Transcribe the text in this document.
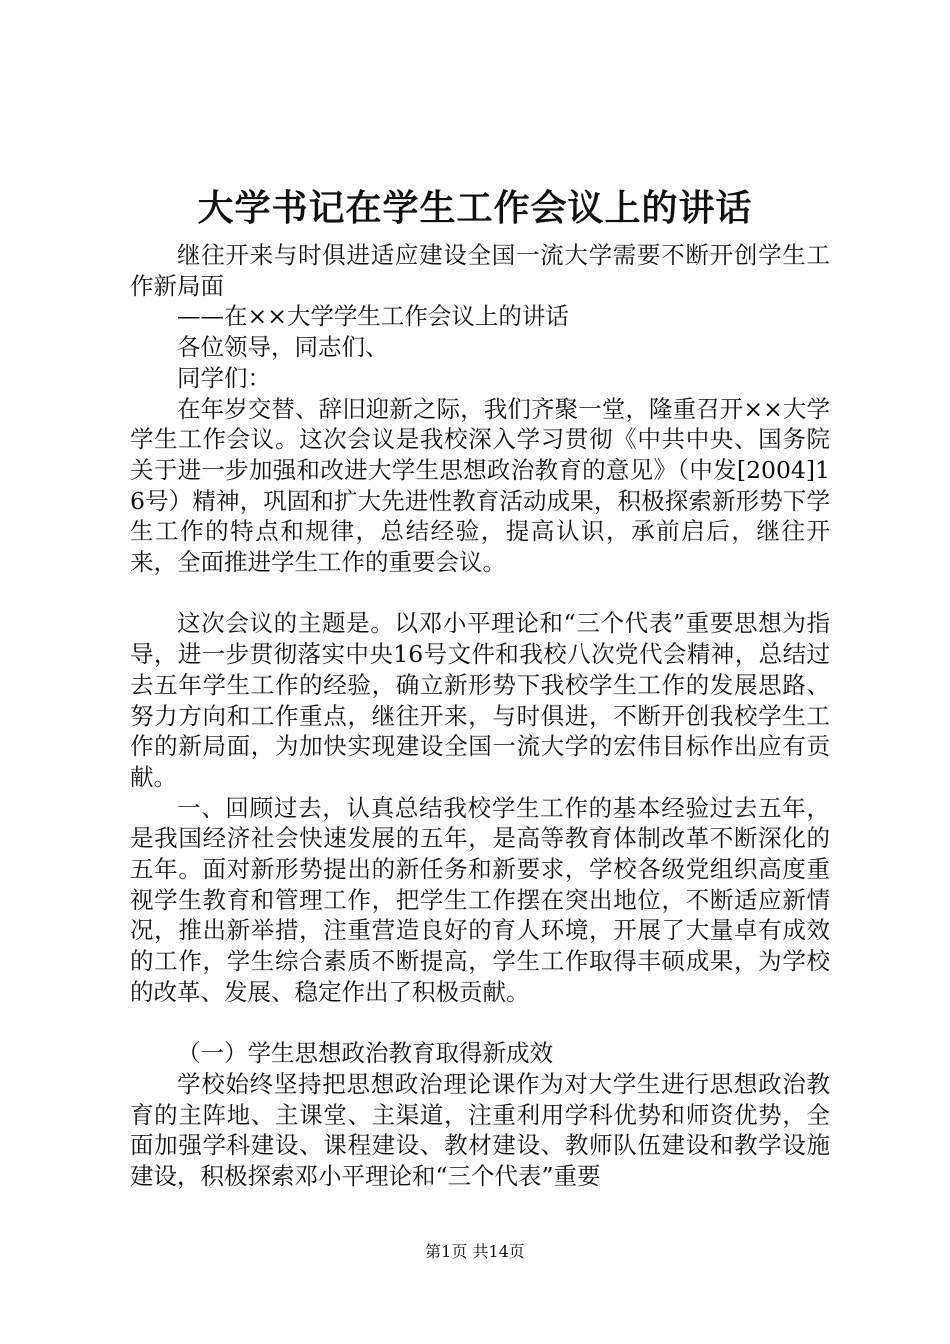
大学书记在学生工作会议上的讲话

继往开来与时俱进适应建设全国一流大学需要不断开创学生工作新局面

——在××大学学生工作会议上的讲话

各位领导，同志们、

同学们：

在年岁交替、辞旧迎新之际，我们齐聚一堂，隆重召开××大学学生工作会议。这次会议是我校深入学习贯彻《中共中央、国务院关于进一步加强和改进大学生思想政治教育的意见》（中发[2004]16号）精神，巩固和扩大先进性教育活动成果，积极探索新形势下学生工作的特点和规律，总结经验，提高认识，承前启后，继往开来，全面推进学生工作的重要会议。

这次会议的主题是。以邓小平理论和“三个代表”重要思想为指导，进一步贯彻落实中央16号文件和我校八次党代会精神，总结过去五年学生工作的经验，确立新形势下我校学生工作的发展思路、努力方向和工作重点，继往开来，与时俱进，不断开创我校学生工作的新局面，为加快实现建设全国一流大学的宏伟目标作出应有贡献。

一、回顾过去，认真总结我校学生工作的基本经验过去五年，是我国经济社会快速发展的五年，是高等教育体制改革不断深化的五年。面对新形势提出的新任务和新要求，学校各级党组织高度重视学生教育和管理工作，把学生工作摆在突出地位，不断适应新情况，推出新举措，注重营造良好的育人环境，开展了大量卓有成效的工作，学生综合素质不断提高，学生工作取得丰硕成果，为学校的改革、发展、稳定作出了积极贡献。

（一）学生思想政治教育取得新成效

学校始终坚持把思想政治理论课作为对大学生进行思想政治教育的主阵地、主课堂、主渠道，注重利用学科优势和师资优势，全面加强学科建设、课程建设、教材建设、教师队伍建设和教学设施建设，积极探索邓小平理论和“三个代表”重要

第1页 共14页
